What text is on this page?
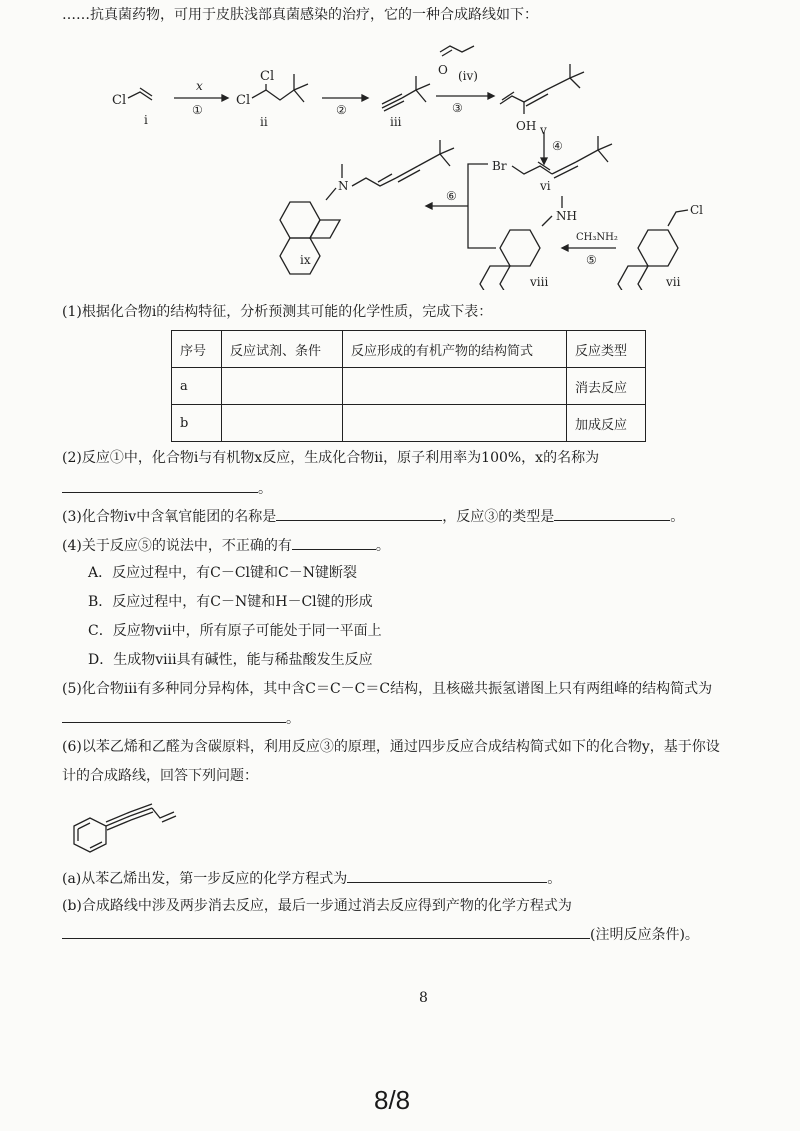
……抗真菌药物，可用于皮肤浅部真菌感染的治疗，它的一种合成路线如下：
Cl
i
x
①
Cl
Cl
ii
②
iii
O (iv)
③
OH v
④
Br
vi
⑥
N
ix
NH
viii
CH₃NH₂
⑤
Cl
vii
(1)根据化合物i的结构特征，分析预测其可能的化学性质，完成下表：
序号	反应试剂、条件	反应形成的有机产物的结构简式	反应类型
a			消去反应
b			加成反应
(2)反应①中，化合物i与有机物x反应，生成化合物ii，原子利用率为100%，x的名称为
。
(3)化合物iv中含氧官能团的名称是	，反应③的类型是	。
(4)关于反应⑤的说法中，不正确的有	。
A．反应过程中，有C－Cl键和C－N键断裂
B．反应过程中，有C－N键和H－Cl键的形成
C．反应物vii中，所有原子可能处于同一平面上
D．生成物viii具有碱性，能与稀盐酸发生反应
(5)化合物iii有多种同分异构体，其中含C＝C－C＝C结构，且核磁共振氢谱图上只有两组峰的结构简式为
。
(6)以苯乙烯和乙醛为含碳原料，利用反应③的原理，通过四步反应合成结构简式如下的化合物y，基于你设
计的合成路线，回答下列问题：
(a)从苯乙烯出发，第一步反应的化学方程式为	。
(b)合成路线中涉及两步消去反应，最后一步通过消去反应得到产物的化学方程式为
(注明反应条件)。
8
8/8
